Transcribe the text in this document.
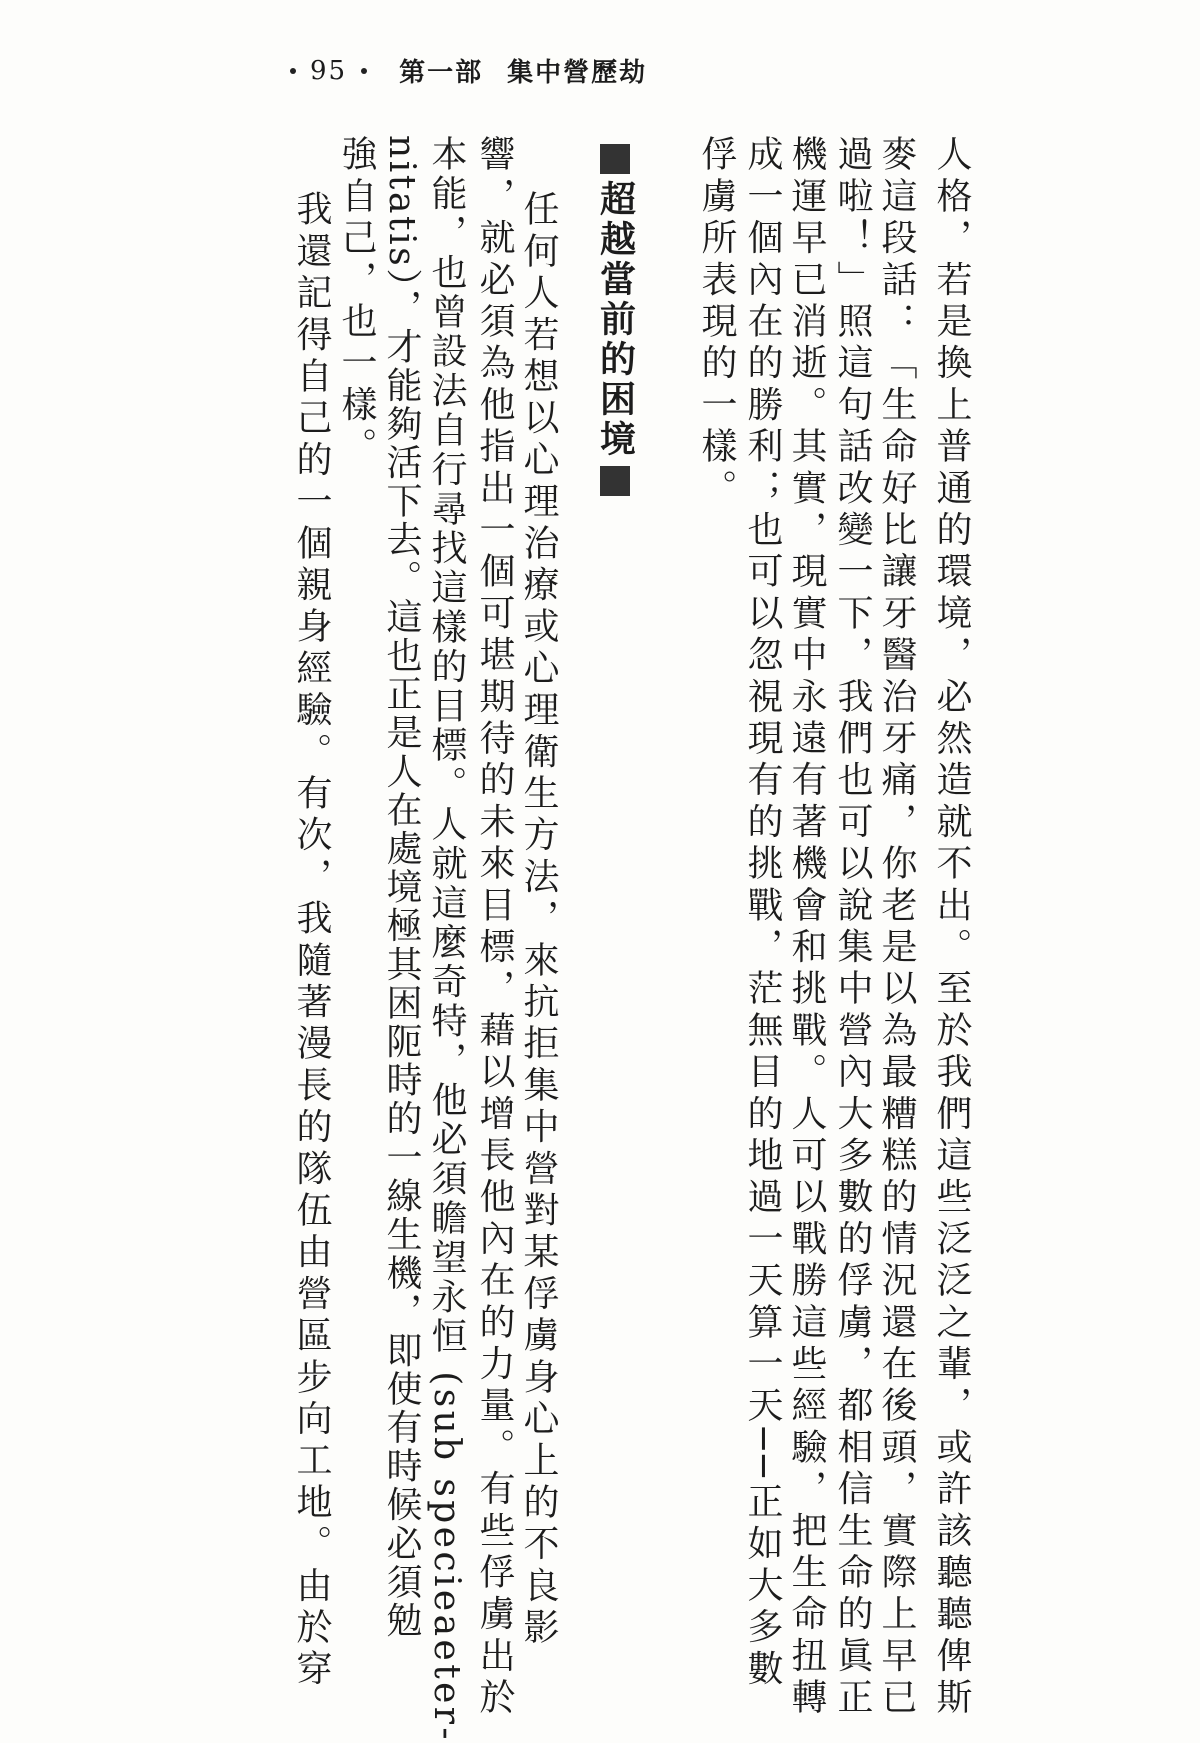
95 第一部 集中營歷劫
超越當前的困境	人格，若是換上普通的環境，必然造就不出。至於我們這些泛泛之輩，或許該聽聽俾斯
麥這段話：「生命好比讓牙醫治牙痛，你老是以為最糟糕的情況還在後頭，實際上早已
過啦！」照這句話改變一下，我們也可以說集中營內大多數的俘虜，都相信生命的眞正
機運早已消逝。其實，現實中永遠有著機會和挑戰。人可以戰勝這些經驗，把生命扭轉
成一個內在的勝利；也可以忽視現有的挑戰，茫無目的地過一天算一天──正如大多數
俘虜所表現的一樣。
任何人若想以心理治療或心理衛生方法，來抗拒集中營對某俘虜身心上的不良影
響，就必須為他指出一個可堪期待的未來目標，藉以增長他內在的力量。有些俘虜出於
本能，也曾設法自行尋找這樣的目標。人就這麼奇特，他必須瞻望永恒 (sub specieaeter-
nitatis），才能夠活下去。這也正是人在處境極其困阨時的一線生機，即使有時候必須勉
強自己，也一樣。
我還記得自己的一個親身經驗。有次，我隨著漫長的隊伍由營區步向工地。由於穿
